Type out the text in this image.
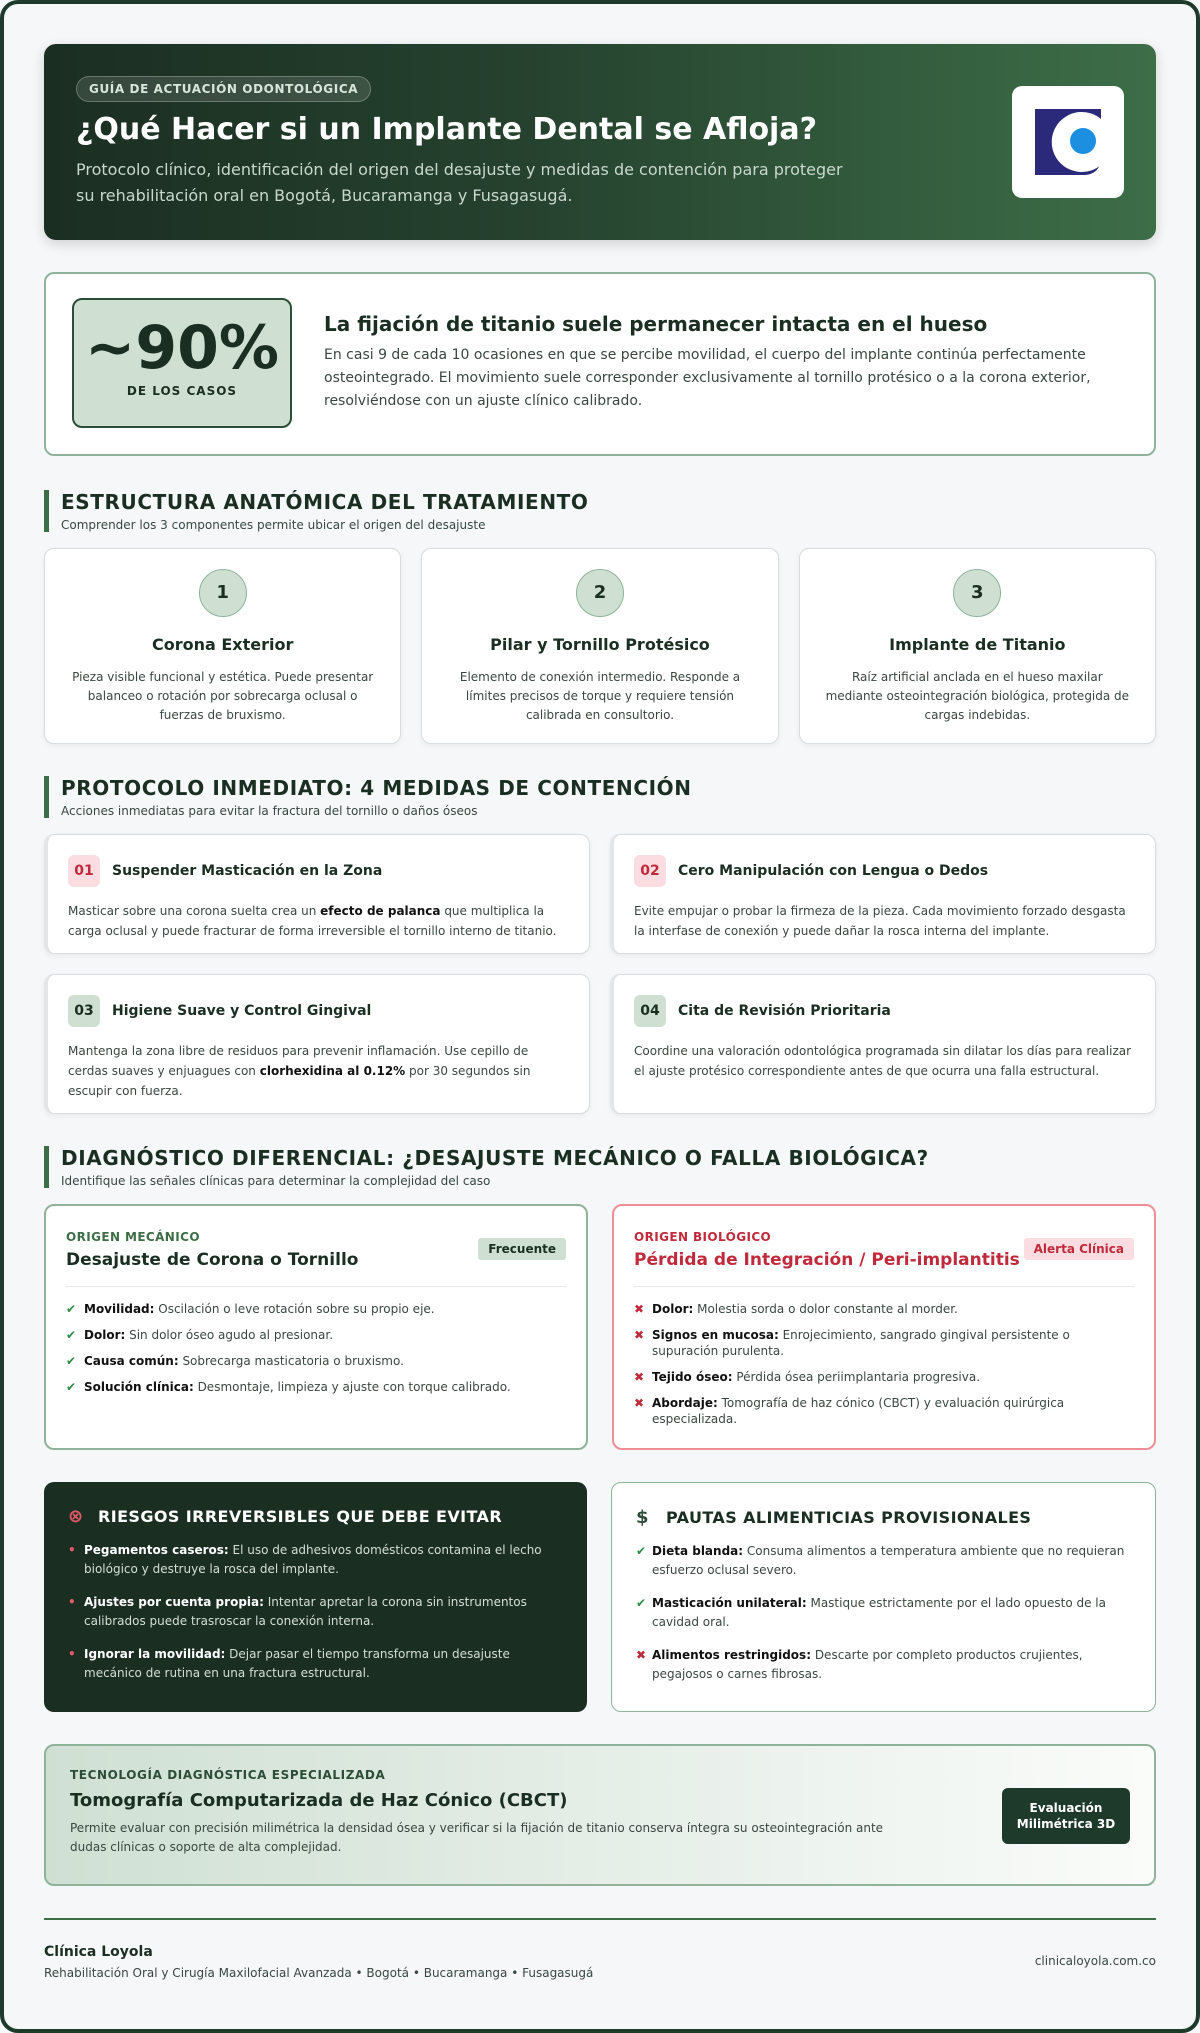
GUÍA DE ACTUACIÓN ODONTOLÓGICA
¿Qué Hacer si un Implante Dental se Afloja?

Protocolo clínico, identificación del origen del desajuste y medidas de contención para proteger su rehabilitación oral en Bogotá, Bucaramanga y Fusagasugá.

~90%
DE LOS CASOS
La fijación de titanio suele permanecer intacta en el hueso

En casi 9 de cada 10 ocasiones en que se percibe movilidad, el cuerpo del implante continúa perfectamente osteointegrado. El movimiento suele corresponder exclusivamente al tornillo protésico o a la corona exterior, resolviéndose con un ajuste clínico calibrado.

ESTRUCTURA ANATÓMICA DEL TRATAMIENTO

Comprender los 3 componentes permite ubicar el origen del desajuste

1
Corona Exterior

Pieza visible funcional y estética. Puede presentar balanceo o rotación por sobrecarga oclusal o fuerzas de bruxismo.

2
Pilar y Tornillo Protésico

Elemento de conexión intermedio. Responde a límites precisos de torque y requiere tensión calibrada en consultorio.

3
Implante de Titanio

Raíz artificial anclada en el hueso maxilar mediante osteointegración biológica, protegida de cargas indebidas.

PROTOCOLO INMEDIATO: 4 MEDIDAS DE CONTENCIÓN

Acciones inmediatas para evitar la fractura del tornillo o daños óseos

01	Suspender Masticación en la Zona

Masticar sobre una corona suelta crea un efecto de palanca que multiplica la carga oclusal y puede fracturar de forma irreversible el tornillo interno de titanio.

02	Cero Manipulación con Lengua o Dedos

Evite empujar o probar la firmeza de la pieza. Cada movimiento forzado desgasta la interfase de conexión y puede dañar la rosca interna del implante.

03	Higiene Suave y Control Gingival

Mantenga la zona libre de residuos para prevenir inflamación. Use cepillo de cerdas suaves y enjuagues con clorhexidina al 0.12% por 30 segundos sin escupir con fuerza.

04	Cita de Revisión Prioritaria

Coordine una valoración odontológica programada sin dilatar los días para realizar el ajuste protésico correspondiente antes de que ocurra una falla estructural.

DIAGNÓSTICO DIFERENCIAL: ¿DESAJUSTE MECÁNICO O FALLA BIOLÓGICA?

Identifique las señales clínicas para determinar la complejidad del caso

ORIGEN MECÁNICO
Desajuste de Corona o Tornillo
Frecuente
✔ Movilidad: Oscilación o leve rotación sobre su propio eje.
✔ Dolor: Sin dolor óseo agudo al presionar.
✔ Causa común: Sobrecarga masticatoria o bruxismo.
✔ Solución clínica: Desmontaje, limpieza y ajuste con torque calibrado.
ORIGEN BIOLÓGICO
Pérdida de Integración / Peri-implantitis
Alerta Clínica
✖ Dolor: Molestia sorda o dolor constante al morder.
✖ Signos en mucosa: Enrojecimiento, sangrado gingival persistente o supuración purulenta.
✖ Tejido óseo: Pérdida ósea periimplantaria progresiva.
✖ Abordaje: Tomografía de haz cónico (CBCT) y evaluación quirúrgica especializada.
⊗ RIESGOS IRREVERSIBLES QUE DEBE EVITAR
• Pegamentos caseros: El uso de adhesivos domésticos contamina el lecho biológico y destruye la rosca del implante.
• Ajustes por cuenta propia: Intentar apretar la corona sin instrumentos calibrados puede trasroscar la conexión interna.
• Ignorar la movilidad: Dejar pasar el tiempo transforma un desajuste mecánico de rutina en una fractura estructural.
$	PAUTAS ALIMENTICIAS PROVISIONALES
✔ Dieta blanda: Consuma alimentos a temperatura ambiente que no requieran esfuerzo oclusal severo.
✔ Masticación unilateral: Mastique estrictamente por el lado opuesto de la cavidad oral.
✖ Alimentos restringidos: Descarte por completo productos crujientes, pegajosos o carnes fibrosas.
TECNOLOGÍA DIAGNÓSTICA ESPECIALIZADA
Tomografía Computarizada de Haz Cónico (CBCT)

Permite evaluar con precisión milimétrica la densidad ósea y verificar si la fijación de titanio conserva íntegra su osteointegración ante dudas clínicas o soporte de alta complejidad.

Evaluación
Milimétrica 3D
Clínica Loyola
Rehabilitación Oral y Cirugía Maxilofacial Avanzada • Bogotá • Bucaramanga • Fusagasugá
clinicaloyola.com.co
